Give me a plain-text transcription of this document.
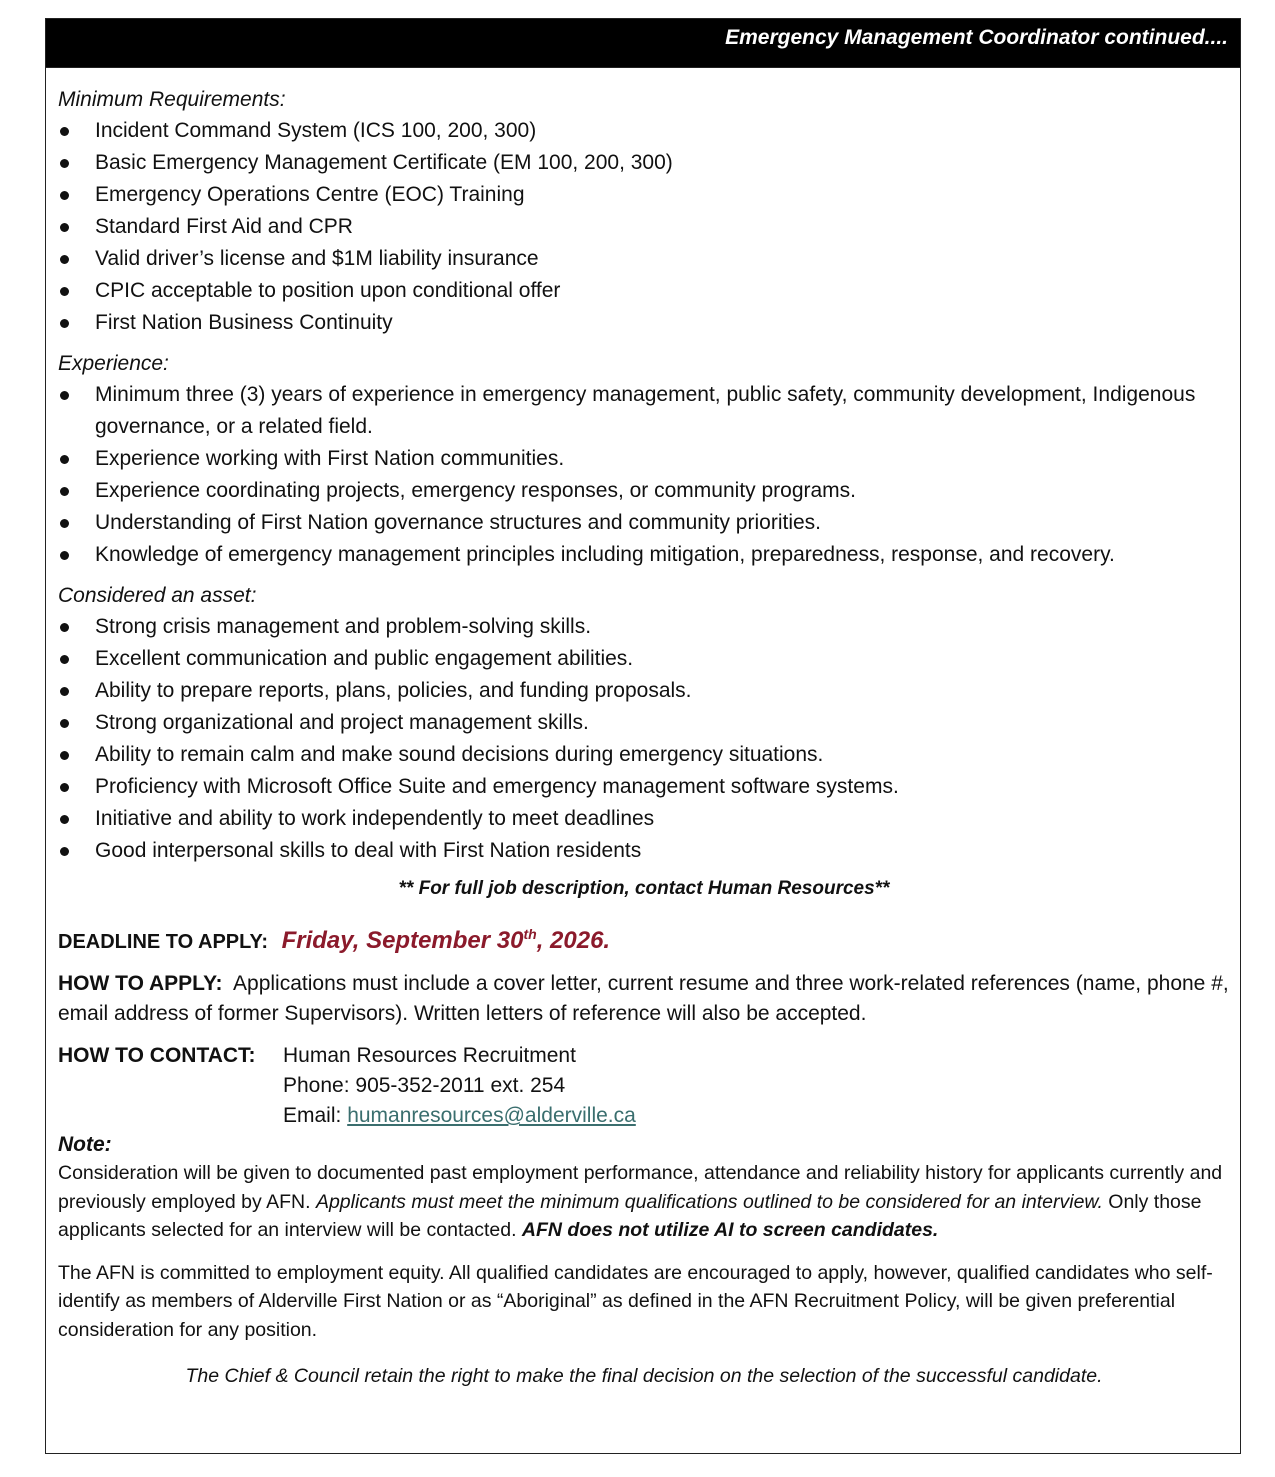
Emergency Management Coordinator continued....
Minimum Requirements:
Incident Command System (ICS 100, 200, 300)
Basic Emergency Management Certificate (EM 100, 200, 300)
Emergency Operations Centre (EOC) Training
Standard First Aid and CPR
Valid driver’s license and $1M liability insurance
CPIC acceptable to position upon conditional offer
First Nation Business Continuity
Experience:
Minimum three (3) years of experience in emergency management, public safety, community development, Indigenous governance, or a related field.
Experience working with First Nation communities.
Experience coordinating projects, emergency responses, or community programs.
Understanding of First Nation governance structures and community priorities.
Knowledge of emergency management principles including mitigation, preparedness, response, and recovery.
Considered an asset:
Strong crisis management and problem-solving skills.
Excellent communication and public engagement abilities.
Ability to prepare reports, plans, policies, and funding proposals.
Strong organizational and project management skills.
Ability to remain calm and make sound decisions during emergency situations.
Proficiency with Microsoft Office Suite and emergency management software systems.
Initiative and ability to work independently to meet deadlines
Good interpersonal skills to deal with First Nation residents
** For full job description, contact Human Resources**
DEADLINE TO APPLY: Friday, September 30th, 2026.
HOW TO APPLY: Applications must include a cover letter, current resume and three work-related references (name, phone #, email address of former Supervisors). Written letters of reference will also be accepted.
HOW TO CONTACT: Human Resources Recruitment
Phone: 905-352-2011 ext. 254
Email: humanresources@alderville.ca
Note:
Consideration will be given to documented past employment performance, attendance and reliability history for applicants currently and previously employed by AFN. Applicants must meet the minimum qualifications outlined to be considered for an interview. Only those applicants selected for an interview will be contacted. AFN does not utilize AI to screen candidates.
The AFN is committed to employment equity. All qualified candidates are encouraged to apply, however, qualified candidates who self-identify as members of Alderville First Nation or as “Aboriginal” as defined in the AFN Recruitment Policy, will be given preferential consideration for any position.
The Chief & Council retain the right to make the final decision on the selection of the successful candidate.
